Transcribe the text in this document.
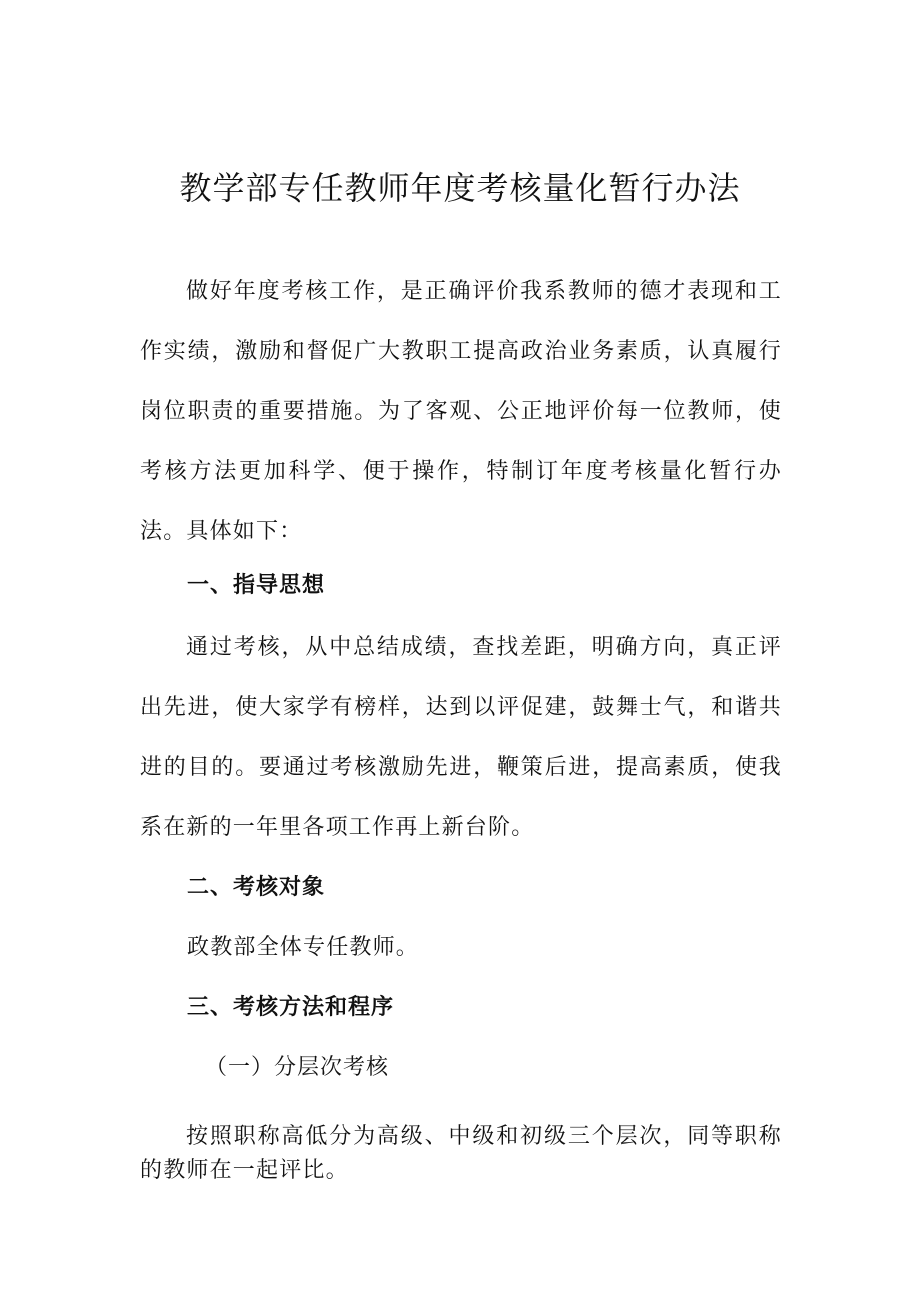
教学部专任教师年度考核量化暂行办法

做好年度考核工作，是正确评价我系教师的德才表现和工作实绩，激励和督促广大教职工提高政治业务素质，认真履行岗位职责的重要措施。为了客观、公正地评价每一位教师，使考核方法更加科学、便于操作，特制订年度考核量化暂行办法。具体如下：

一、指导思想

通过考核，从中总结成绩，查找差距，明确方向，真正评出先进，使大家学有榜样，达到以评促建，鼓舞士气，和谐共进的目的。要通过考核激励先进，鞭策后进，提高素质，使我系在新的一年里各项工作再上新台阶。

二、考核对象

政教部全体专任教师。

三、考核方法和程序

（一）分层次考核

按照职称高低分为高级、中级和初级三个层次，同等职称的教师在一起评比。
